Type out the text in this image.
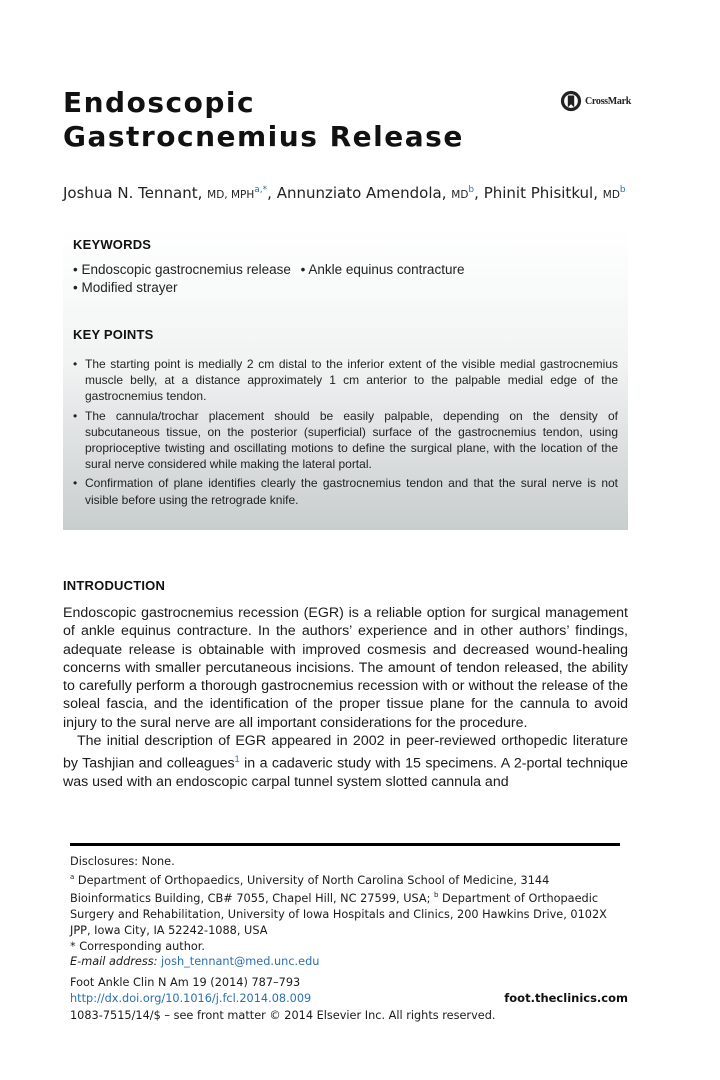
Endoscopic
Gastrocnemius Release
CrossMark
Joshua N. Tennant, MD, $MPH^{a,*}$, Annunziato Amendola, $MD^b$, Phinit Phisitkul, $MD^b$
KEYWORDS
• Endoscopic gastrocnemius release • Ankle equinus contracture
• Modified strayer
KEY POINTS
• The starting point is medially 2 cm distal to the inferior extent of the visible medial gastrocnemius muscle belly, at a distance approximately 1 cm anterior to the palpable medial edge of the gastrocnemius tendon.
• The cannula/trochar placement should be easily palpable, depending on the density of subcutaneous tissue, on the posterior (superficial) surface of the gastrocnemius tendon, using proprioceptive twisting and oscillating motions to define the surgical plane, with the location of the sural nerve considered while making the lateral portal.
• Confirmation of plane identifies clearly the gastrocnemius tendon and that the sural nerve is not visible before using the retrograde knife.
INTRODUCTION

Endoscopic gastrocnemius recession (EGR) is a reliable option for surgical management of ankle equinus contracture. In the authors’ experience and in other authors’ findings, adequate release is obtainable with improved cosmesis and decreased wound-healing concerns with smaller percutaneous incisions. The amount of tendon released, the ability to carefully perform a thorough gastrocnemius recession with or without the release of the soleal fascia, and the identification of the proper tissue plane for the cannula to avoid injury to the sural nerve are all important considerations for the procedure.

The initial description of EGR appeared in 2002 in peer-reviewed orthopedic literature by Tashjian and colleagues$^1$ in a cadaveric study with 15 specimens. A 2-portal technique was used with an endoscopic carpal tunnel system slotted cannula and

Disclosures: None.

$^a$ Department of Orthopaedics, University of North Carolina School of Medicine, 3144 Bioinformatics Building, CB# 7055, Chapel Hill, NC 27599, USA; $^b$ Department of Orthopaedic Surgery and Rehabilitation, University of Iowa Hospitals and Clinics, 200 Hawkins Drive, 0102X JPP, Iowa City, IA 52242-1088, USA

* Corresponding author.

E-mail address: josh_tennant@med.unc.edu

Foot Ankle Clin N Am 19 (2014) 787–793
http://dx.doi.org/10.1016/j.fcl.2014.08.009
1083-7515/14/$ – see front matter © 2014 Elsevier Inc. All rights reserved.
foot.theclinics.com
